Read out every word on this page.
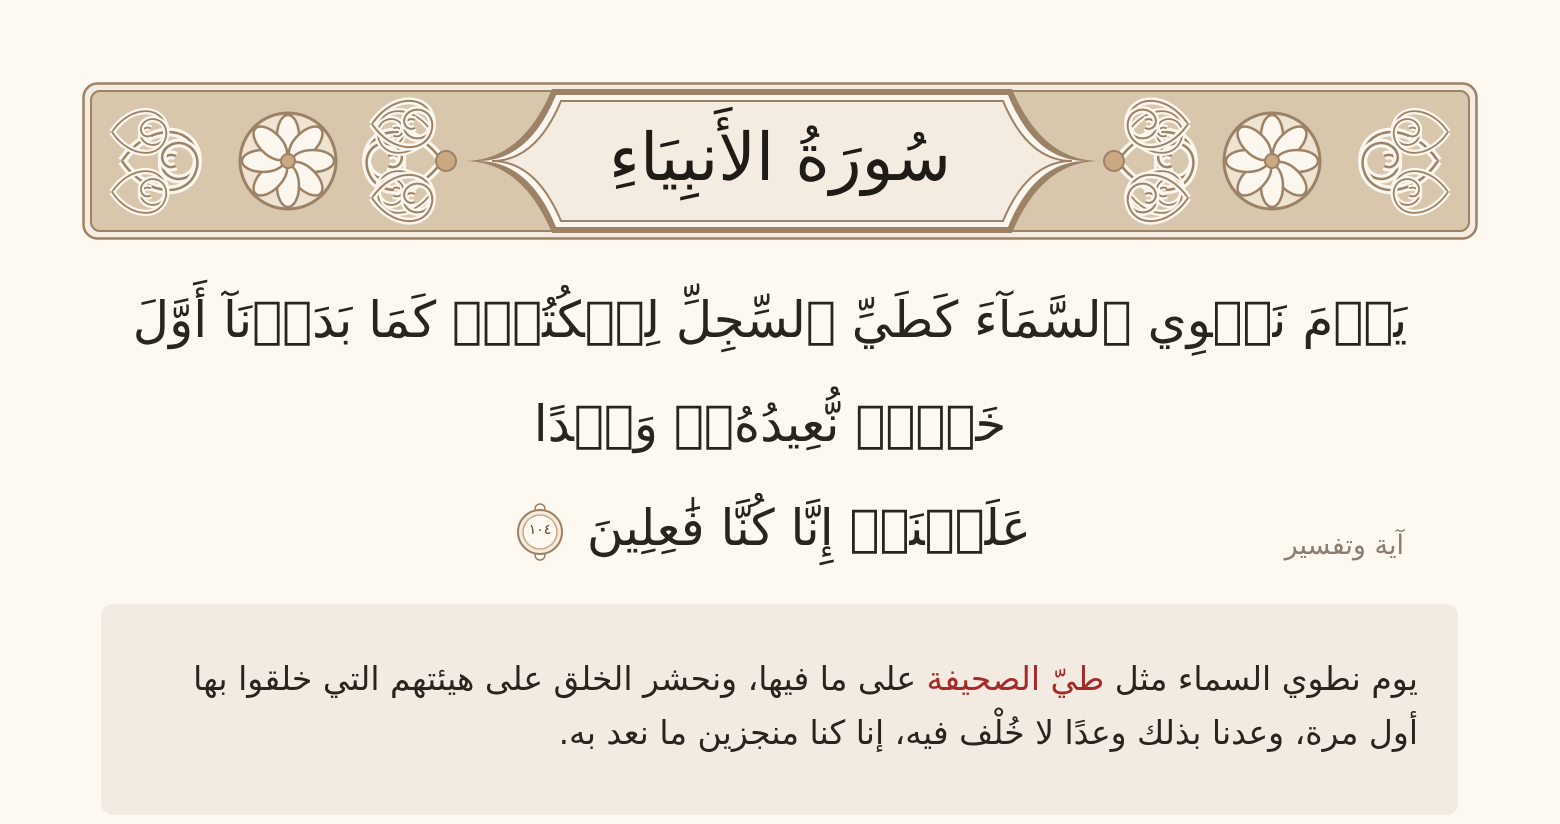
سُورَةُ الأَنبِيَاءِ
يَوۡمَ نَطۡوِي ٱلسَّمَآءَ كَطَيِّ ٱلسِّجِلِّ لِلۡكُتُبِۚ كَمَا بَدَأۡنَآ أَوَّلَ خَلۡقٖ نُّعِيدُهُۥۚ وَعۡدًا
عَلَيۡنَآۚ إِنَّا كُنَّا فَٰعِلِينَ
١٠٤	آية وتفسير
يوم نطوي السماء مثل طيّ الصحيفة على ما فيها، ونحشر الخلق على هيئتهم التي خلقوا بها أول مرة، وعدنا بذلك وعدًا لا خُلْف فيه، إنا كنا منجزين ما نعد به.
